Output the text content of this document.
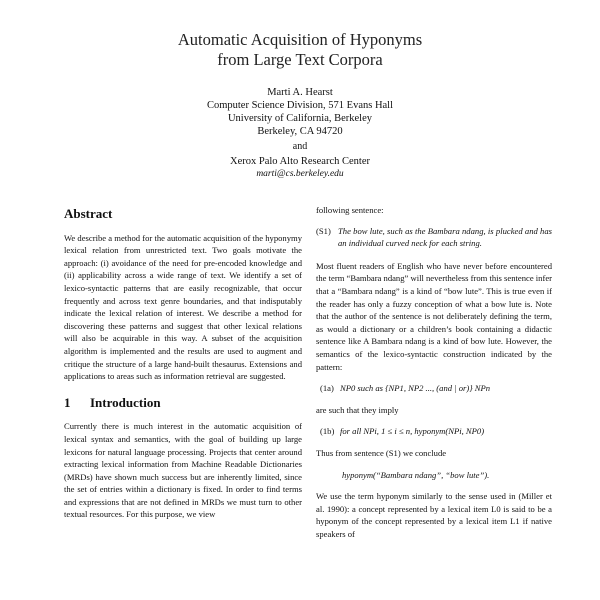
Automatic Acquisition of Hyponyms
from Large Text Corpora
Marti A. Hearst
Computer Science Division, 571 Evans Hall
University of California, Berkeley
Berkeley, CA 94720
and
Xerox Palo Alto Research Center
marti@cs.berkeley.edu
Abstract

We describe a method for the automatic acquisition of the hyponymy lexical relation from unrestricted text. Two goals motivate the approach: (i) avoidance of the need for pre-encoded knowledge and (ii) applicability across a wide range of text. We identify a set of lexico-syntactic patterns that are easily recognizable, that occur frequently and across text genre boundaries, and that indisputably indicate the lexical relation of interest. We describe a method for discovering these patterns and suggest that other lexical relations will also be acquirable in this way. A subset of the acquisition algorithm is implemented and the results are used to augment and critique the structure of a large hand-built thesaurus. Extensions and applications to areas such as information retrieval are suggested.

1 Introduction

Currently there is much interest in the automatic acquisition of lexical syntax and semantics, with the goal of building up large lexicons for natural language processing. Projects that center around extracting lexical information from Machine Readable Dictionaries (MRDs) have shown much success but are inherently limited, since the set of entries within a dictionary is fixed. In order to find terms and expressions that are not defined in MRDs we must turn to other textual resources. For this purpose, we view

following sentence:

(S1) The bow lute, such as the Bambara ndang, is plucked and has an individual curved neck for each string.

Most fluent readers of English who have never before encountered the term “Bambara ndang” will nevertheless from this sentence infer that a “Bambara ndang” is a kind of “bow lute”. This is true even if the reader has only a fuzzy conception of what a bow lute is. Note that the author of the sentence is not deliberately defining the term, as would a dictionary or a children’s book containing a didactic sentence like A Bambara ndang is a kind of bow lute. However, the semantics of the lexico-syntactic construction indicated by the pattern:

(1a) NP0 such as {NP1, NP2 ..., (and | or)} NPn

are such that they imply

(1b) for all NPi, 1 ≤ i ≤ n, hyponym(NPi, NP0)

Thus from sentence (S1) we conclude

hyponym(“Bambara ndang”, “bow lute”).

We use the term hyponym similarly to the sense used in (Miller et al. 1990): a concept represented by a lexical item L0 is said to be a hyponym of the concept represented by a lexical item L1 if native speakers of
